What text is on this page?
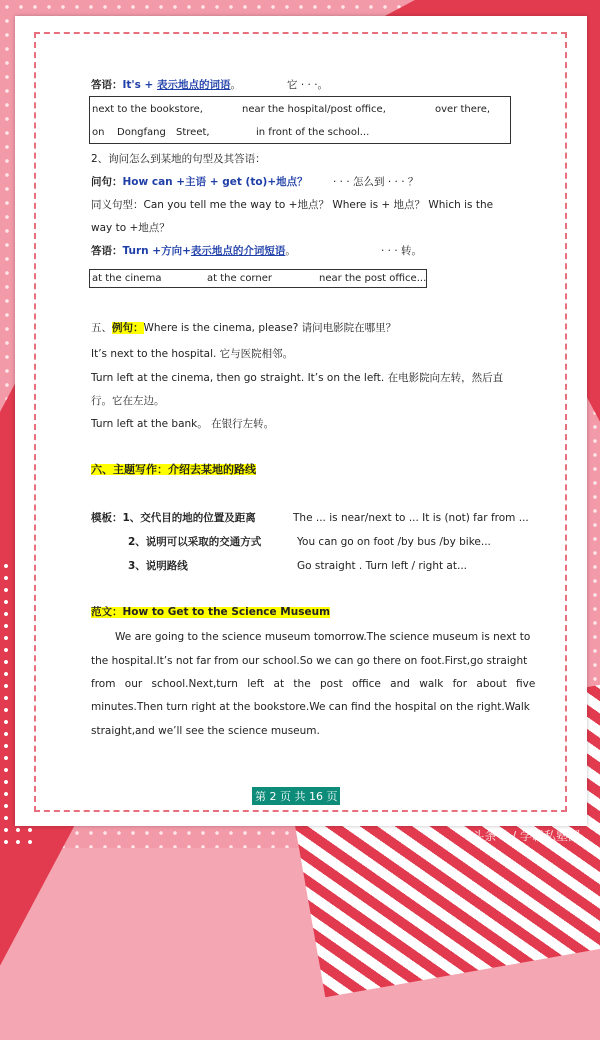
答语：It's + 表示地点的词语。	它 · · ·。
next to the bookstore,	near the hospital/post office,	over there,
on Dongfang Street,	in front of the school...
2、询问怎么到某地的句型及其答语：
问句：How can +主语 + get (to)+地点？ · · · 怎么到 · · · ？
同义句型：Can you tell me the way to +地点？ Where is + 地点？ Which is the
way to +地点？
答语：Turn +方向+表示地点的介词短语。	· · · 转。
at the cinema	at the corner	near the post office...
五、例句：Where is the cinema, please? 请问电影院在哪里？
It’s next to the hospital. 它与医院相邻。
Turn left at the cinema, then go straight. It’s on the left. 在电影院向左转，然后直
行。它在左边。
Turn left at the bank。 在银行左转。
六、主题写作：介绍去某地的路线
模板：1、交代目的地的位置及距离	The ... is near/next to ... It is (not) far from ...
2、说明可以采取的交通方式	You can go on foot /by bus /by bike...
3、说明路线	Go straight . Turn left / right at...
范文：How to Get to the Science Museum
We are going to the science museum tomorrow.The science museum is next to
the hospital.It’s not far from our school.So we can go there on foot.First,go straight
from our school.Next,turn left at the post office and walk for about five
minutes.Then turn right at the bookstore.We can find the hospital on the right.Walk
straight,and we’ll see the science museum.
第 2 页 共 16 页
头条号 / 学霸私塾团
